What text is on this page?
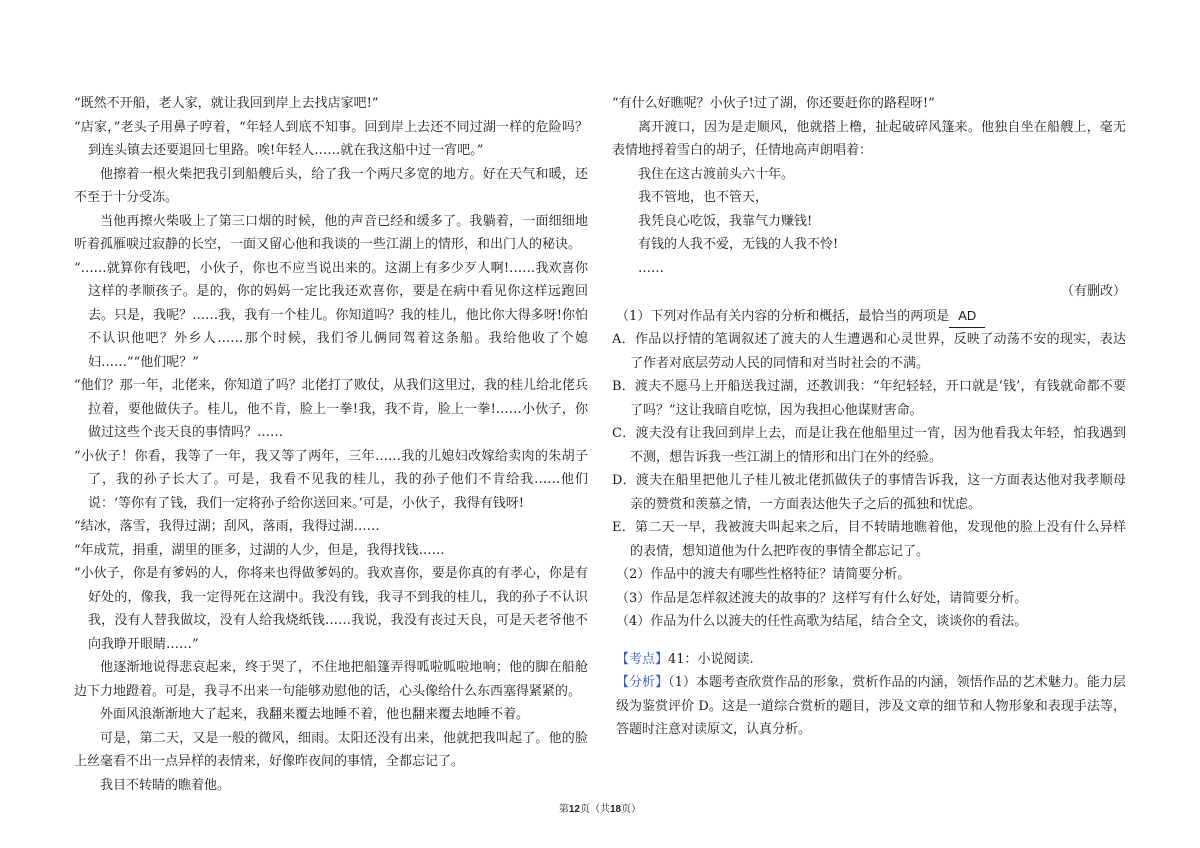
“既然不开船，老人家，就让我回到岸上去找店家吧!”
“店家，”老头子用鼻子哼着，“年轻人到底不知事。回到岸上去还不同过湖一样的危险吗？到连头镇去还要退回七里路。唉!年轻人……就在我这船中过一宵吧。”
他擦着一根火柴把我引到船艘后头，给了我一个两尺多宽的地方。好在天气和暖，还不至于十分受冻。
当他再擦火柴吸上了第三口烟的时候，他的声音已经和缓多了。我躺着，一面细细地听着孤雁唳过寂静的长空，一面又留心他和我谈的一些江湖上的情形，和出门人的秘诀。
“……就算你有钱吧，小伙子，你也不应当说出来的。这湖上有多少歹人啊!……我欢喜你这样的孝顺孩子。是的，你的妈妈一定比我还欢喜你，要是在病中看见你这样远跑回去。只是，我呢？……我，我有一个桂儿。你知道吗？我的桂儿，他比你大得多呀!你怕不认识他吧？外乡人……那个时候，我们爷儿俩同驾着这条船。我给他收了个媳妇……”“他们呢？”
“他们？那一年，北佬来，你知道了吗？北佬打了败仗，从我们这里过，我的桂儿给北佬兵拉着，要他做伕子。桂儿，他不肯，脸上一拳!我，我不肯，脸上一拳!……小伙子，你做过这些个丧天良的事情吗？……
“小伙子！你看，我等了一年，我又等了两年，三年……我的儿媳妇改嫁给卖肉的朱胡子了，我的孙子长大了。可是，我看不见我的桂儿，我的孙子他们不肯给我……他们说：‘等你有了钱，我们一定将孙子给你送回来。’可是，小伙子，我得有钱呀!
“结冰，落雪，我得过湖；刮风，落雨，我得过湖……
“年成荒，捐重，湖里的匪多，过湖的人少，但是，我得找钱……
“小伙子，你是有爹妈的人，你将来也得做爹妈的。我欢喜你，要是你真的有孝心，你是有好处的，像我，我一定得死在这湖中。我没有钱，我寻不到我的桂儿，我的孙子不认识我，没有人替我做坟，没有人给我烧纸钱……我说，我没有丧过天良，可是天老爷他不向我睁开眼睛……”
他逐渐地说得悲哀起来，终于哭了，不住地把船篷弄得呱啦呱啦地响；他的脚在船舱边下力地蹬着。可是，我寻不出来一句能够劝慰他的话，心头像给什么东西塞得紧紧的。
外面风浪渐渐地大了起来，我翻来覆去地睡不着，他也翻来覆去地睡不着。
可是，第二天，又是一般的微风，细雨。太阳还没有出来，他就把我叫起了。他的脸上丝毫看不出一点异样的表情来，好像昨夜间的事情，全都忘记了。
我目不转睛的瞧着他。
“有什么好瞧呢？小伙子!过了湖，你还要赶你的路程呀!”
离开渡口，因为是走顺风，他就搭上橹，扯起破碎风篷来。他独自坐在船艘上，毫无表情地捋着雪白的胡子，任情地高声朗唱着：
我住在这古渡前头六十年。
我不管地，也不管天，
我凭良心吃饭，我靠气力赚钱!
有钱的人我不爱，无钱的人我不怜!
……
（有删改）
（1）下列对作品有关内容的分析和概括，最恰当的两项是 AD
A．作品以抒情的笔调叙述了渡夫的人生遭遇和心灵世界，反映了动荡不安的现实，表达了作者对底层劳动人民的同情和对当时社会的不满。
B．渡夫不愿马上开船送我过湖，还教训我：“年纪轻轻，开口就是‘钱’，有钱就命都不要了吗？”这让我暗自吃惊，因为我担心他谋财害命。
C．渡夫没有让我回到岸上去，而是让我在他船里过一宵，因为他看我太年轻，怕我遇到不测，想告诉我一些江湖上的情形和出门在外的经验。
D．渡夫在船里把他儿子桂儿被北佬抓做伕子的事情告诉我，这一方面表达他对我孝顺母亲的赞赏和羡慕之情，一方面表达他失子之后的孤独和忧虑。
E．第二天一早，我被渡夫叫起来之后，目不转睛地瞧着他，发现他的脸上没有什么异样的表情，想知道他为什么把昨夜的事情全都忘记了。
（2）作品中的渡夫有哪些性格特征？请简要分析。
（3）作品是怎样叙述渡夫的故事的？这样写有什么好处，请简要分析。
（4）作品为什么以渡夫的任性高歌为结尾，结合全文，谈谈你的看法。
【考点】41：小说阅读.
【分析】（1）本题考查欣赏作品的形象，赏析作品的内涵，领悟作品的艺术魅力。能力层级为鉴赏评价 D。这是一道综合赏析的题目，涉及文章的细节和人物形象和表现手法等，答题时注意对读原文，认真分析。
第12页（共18页）
